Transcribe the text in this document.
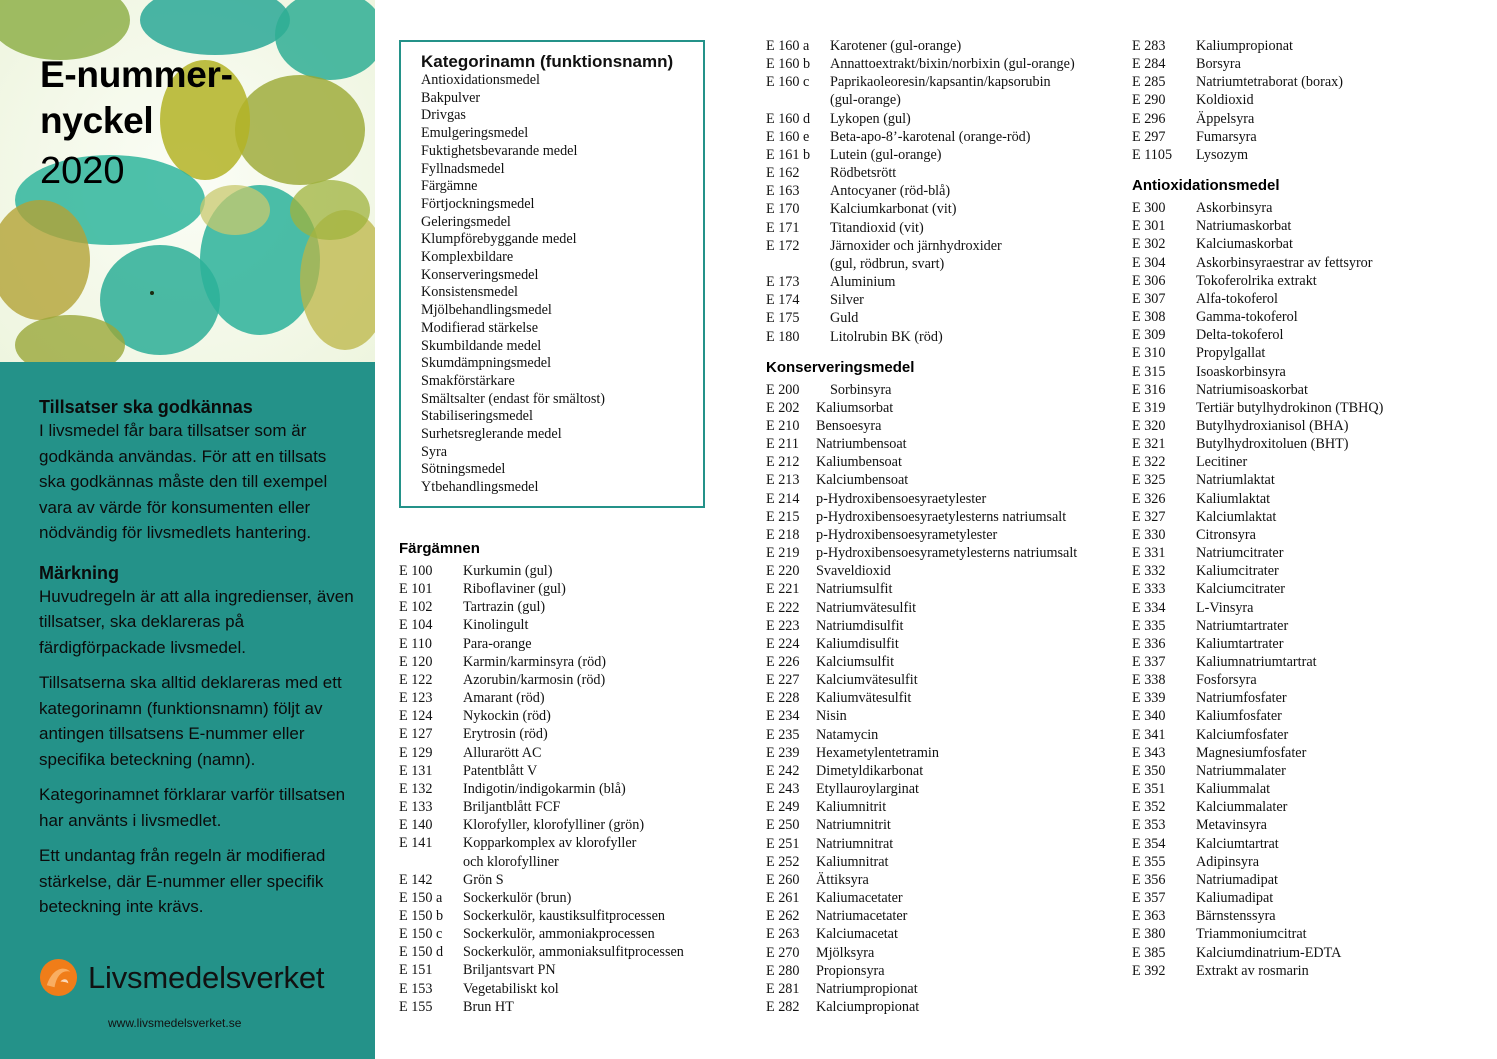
E-nummer-
nyckel
2020
Tillsatser ska godkännas

I livsmedel får bara tillsatser som är godkända användas. För att en tillsats ska godkännas måste den till exempel vara av värde för konsumenten eller nödvändig för livsmedlets hantering.

Märkning

Huvudregeln är att alla ingredienser, även tillsatser, ska deklareras på färdigförpackade livsmedel.

Tillsatserna ska alltid deklareras med ett kategorinamn (funktionsnamn) följt av antingen tillsatsens E-nummer eller specifika beteckning (namn).

Kategorinamnet förklarar varför tillsatsen har använts i livsmedlet.

Ett undantag från regeln är modifierad stärkelse, där E-nummer eller specifik beteckning inte krävs.

Livsmedelsverket
www.livsmedelsverket.se
Kategorinamn (funktionsnamn)
Antioxidationsmedel
Bakpulver
Drivgas
Emulgeringsmedel
Fuktighetsbevarande medel
Fyllnadsmedel
Färgämne
Förtjockningsmedel
Geleringsmedel
Klumpförebyggande medel
Komplexbildare
Konserveringsmedel
Konsistensmedel
Mjölbehandlingsmedel
Modifierad stärkelse
Skumbildande medel
Skumdämpningsmedel
Smakförstärkare
Smältsalter (endast för smältost)
Stabiliseringsmedel
Surhetsreglerande medel
Syra
Sötningsmedel
Ytbehandlingsmedel
Färgämnen
E 100	Kurkumin (gul)
E 101	Riboflaviner (gul)
E 102	Tartrazin (gul)
E 104	Kinolingult
E 110	Para-orange
E 120	Karmin/karminsyra (röd)
E 122	Azorubin/karmosin (röd)
E 123	Amarant (röd)
E 124	Nykockin (röd)
E 127	Erytrosin (röd)
E 129	Allurarött AC
E 131	Patentblått V
E 132	Indigotin/indigokarmin (blå)
E 133	Briljantblått FCF
E 140	Klorofyller, klorofylliner (grön)
E 141	Kopparkomplex av klorofyller
och klorofylliner
E 142	Grön S
E 150 a	Sockerkulör (brun)
E 150 b	Sockerkulör, kaustiksulfitprocessen
E 150 c	Sockerkulör, ammoniakprocessen
E 150 d	Sockerkulör, ammoniaksulfitprocessen
E 151	Briljantsvart PN
E 153	Vegetabiliskt kol
E 155	Brun HT
E 160 a	Karotener (gul-orange)
E 160 b	Annattoextrakt/bixin/norbixin (gul-orange)
E 160 c	Paprikaoleoresin/kapsantin/kapsorubin
(gul-orange)
E 160 d	Lykopen (gul)
E 160 e	Beta-apo-8’-karotenal (orange-röd)
E 161 b	Lutein (gul-orange)
E 162	Rödbetsrött
E 163	Antocyaner (röd-blå)
E 170	Kalciumkarbonat (vit)
E 171	Titandioxid (vit)
E 172	Järnoxider och järnhydroxider
(gul, rödbrun, svart)
E 173	Aluminium
E 174	Silver
E 175	Guld
E 180	Litolrubin BK (röd)
Konserveringsmedel
E 200	Sorbinsyra
E 202	Kaliumsorbat
E 210	Bensoesyra
E 211	Natriumbensoat
E 212	Kaliumbensoat
E 213	Kalciumbensoat
E 214	p-Hydroxibensoesyraetylester
E 215	p-Hydroxibensoesyraetylesterns natriumsalt
E 218	p-Hydroxibensoesyrametylester
E 219	p-Hydroxibensoesyrametylesterns natriumsalt
E 220	Svaveldioxid
E 221	Natriumsulfit
E 222	Natriumvätesulfit
E 223	Natriumdisulfit
E 224	Kaliumdisulfit
E 226	Kalciumsulfit
E 227	Kalciumvätesulfit
E 228	Kaliumvätesulfit
E 234	Nisin
E 235	Natamycin
E 239	Hexametylentetramin
E 242	Dimetyldikarbonat
E 243	Etyllauroylarginat
E 249	Kaliumnitrit
E 250	Natriumnitrit
E 251	Natriumnitrat
E 252	Kaliumnitrat
E 260	Ättiksyra
E 261	Kaliumacetater
E 262	Natriumacetater
E 263	Kalciumacetat
E 270	Mjölksyra
E 280	Propionsyra
E 281	Natriumpropionat
E 282	Kalciumpropionat
E 283	Kaliumpropionat
E 284	Borsyra
E 285	Natriumtetraborat (borax)
E 290	Koldioxid
E 296	Äppelsyra
E 297	Fumarsyra
E 1105	Lysozym
Antioxidationsmedel
E 300	Askorbinsyra
E 301	Natriumaskorbat
E 302	Kalciumaskorbat
E 304	Askorbinsyraestrar av fettsyror
E 306	Tokoferolrika extrakt
E 307	Alfa-tokoferol
E 308	Gamma-tokoferol
E 309	Delta-tokoferol
E 310	Propylgallat
E 315	Isoaskorbinsyra
E 316	Natriumisoaskorbat
E 319	Tertiär butylhydrokinon (TBHQ)
E 320	Butylhydroxianisol (BHA)
E 321	Butylhydroxitoluen (BHT)
E 322	Lecitiner
E 325	Natriumlaktat
E 326	Kaliumlaktat
E 327	Kalciumlaktat
E 330	Citronsyra
E 331	Natriumcitrater
E 332	Kaliumcitrater
E 333	Kalciumcitrater
E 334	L-Vinsyra
E 335	Natriumtartrater
E 336	Kaliumtartrater
E 337	Kaliumnatriumtartrat
E 338	Fosforsyra
E 339	Natriumfosfater
E 340	Kaliumfosfater
E 341	Kalciumfosfater
E 343	Magnesiumfosfater
E 350	Natriummalater
E 351	Kaliummalat
E 352	Kalciummalater
E 353	Metavinsyra
E 354	Kalciumtartrat
E 355	Adipinsyra
E 356	Natriumadipat
E 357	Kaliumadipat
E 363	Bärnstenssyra
E 380	Triammoniumcitrat
E 385	Kalciumdinatrium-EDTA
E 392	Extrakt av rosmarin
